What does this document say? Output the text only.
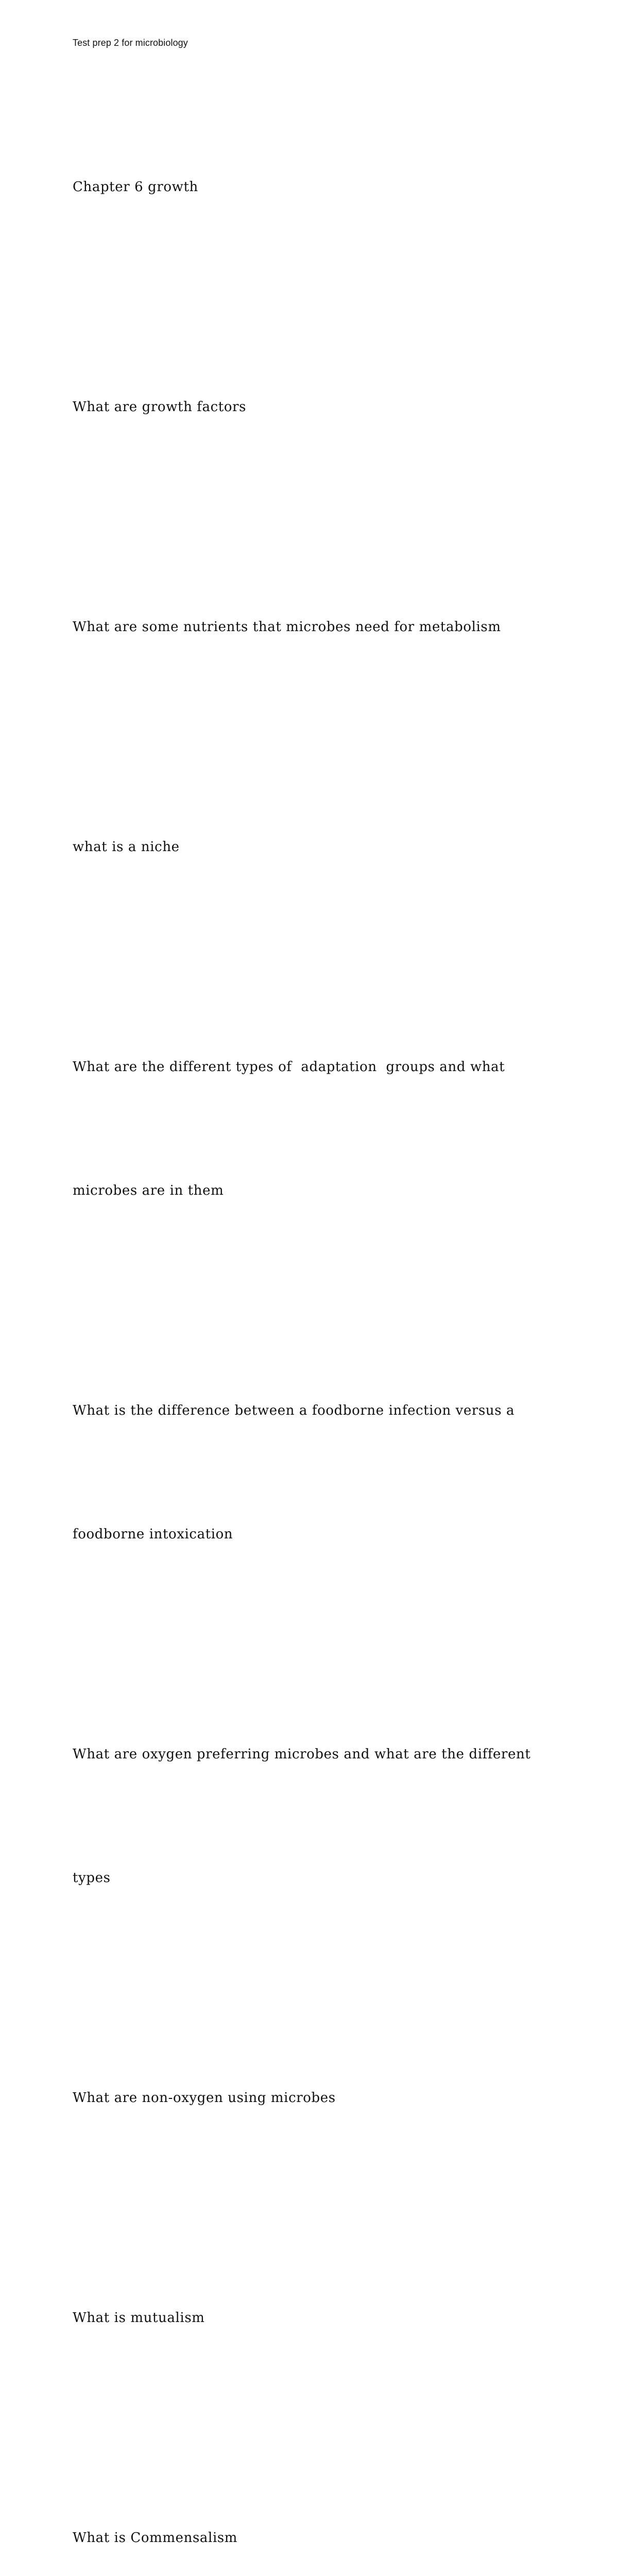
Test prep 2 for microbiology

Chapter 6 growth

What are growth factors

What are some nutrients that microbes need for metabolism

what is a niche

What are the different types of  adaptation  groups and what

microbes are in them

What is the difference between a foodborne infection versus a

foodborne intoxication

What are oxygen preferring microbes and what are the different

types

What are non-oxygen using microbes

What is mutualism

What is Commensalism
